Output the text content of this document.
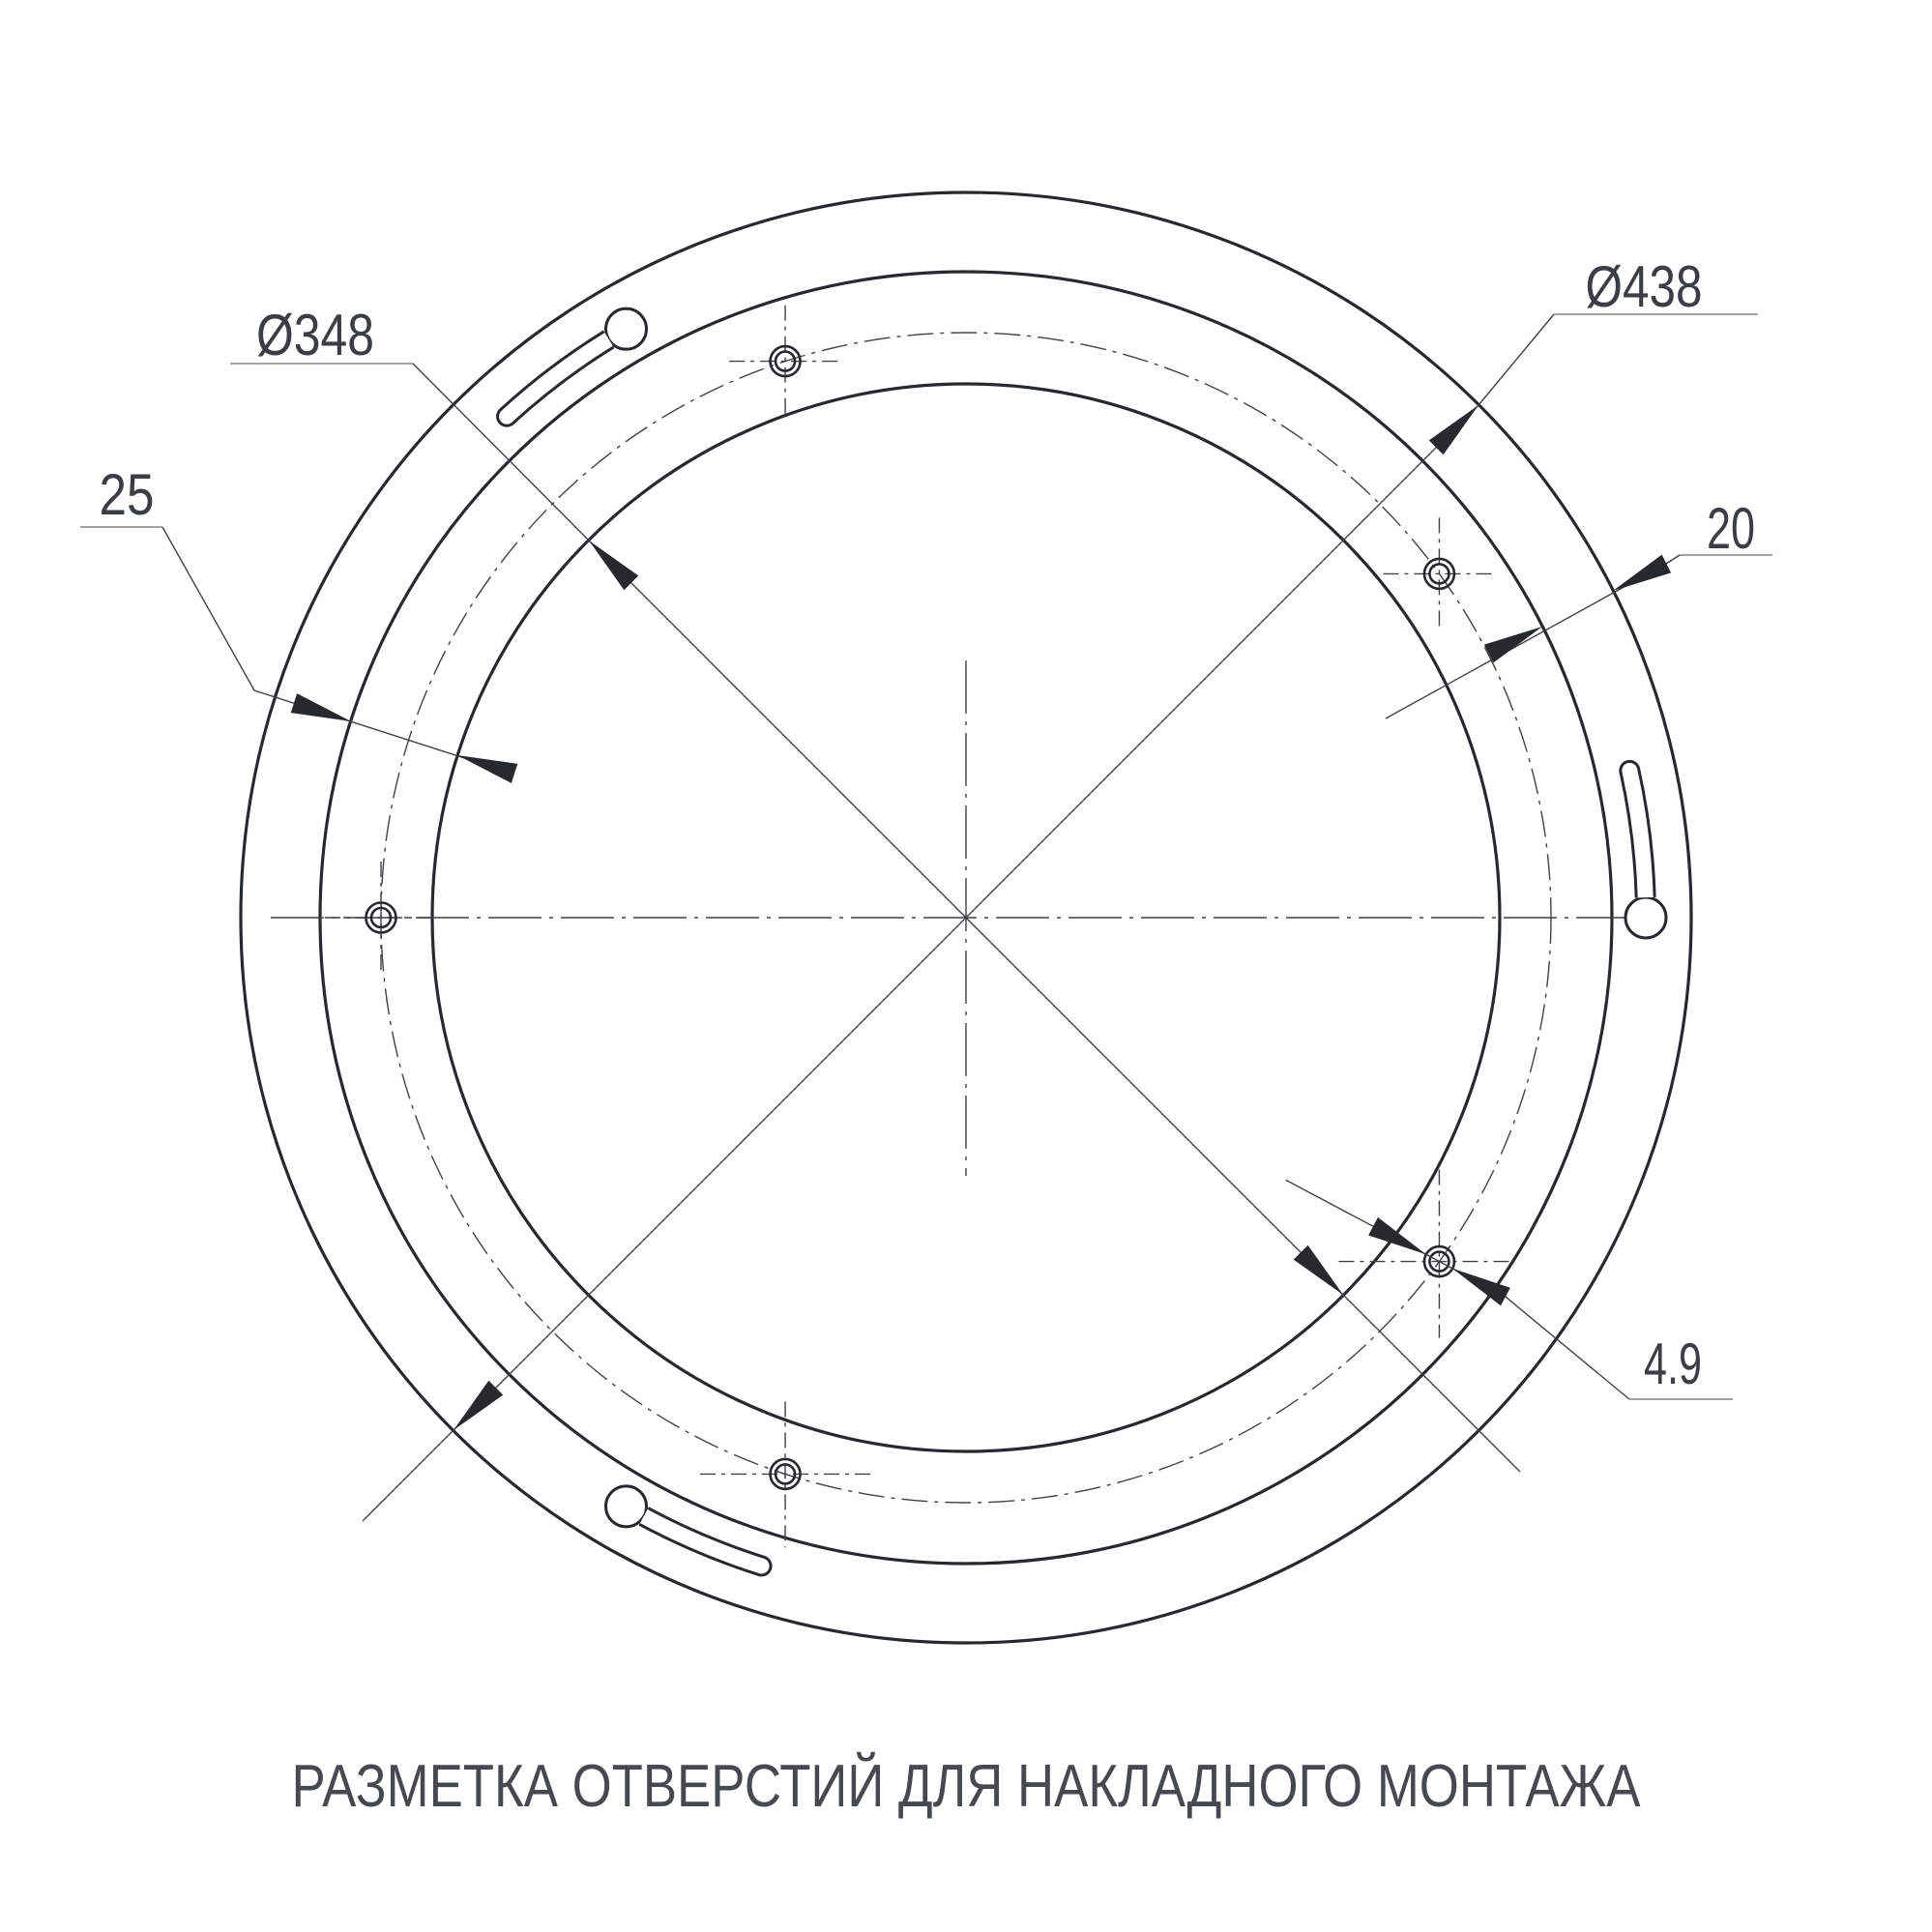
Ø348
Ø438
25
20
4.9
РАЗМЕТКА ОТВЕРСТИЙ ДЛЯ НАКЛАДНОГО МОНТАЖА
